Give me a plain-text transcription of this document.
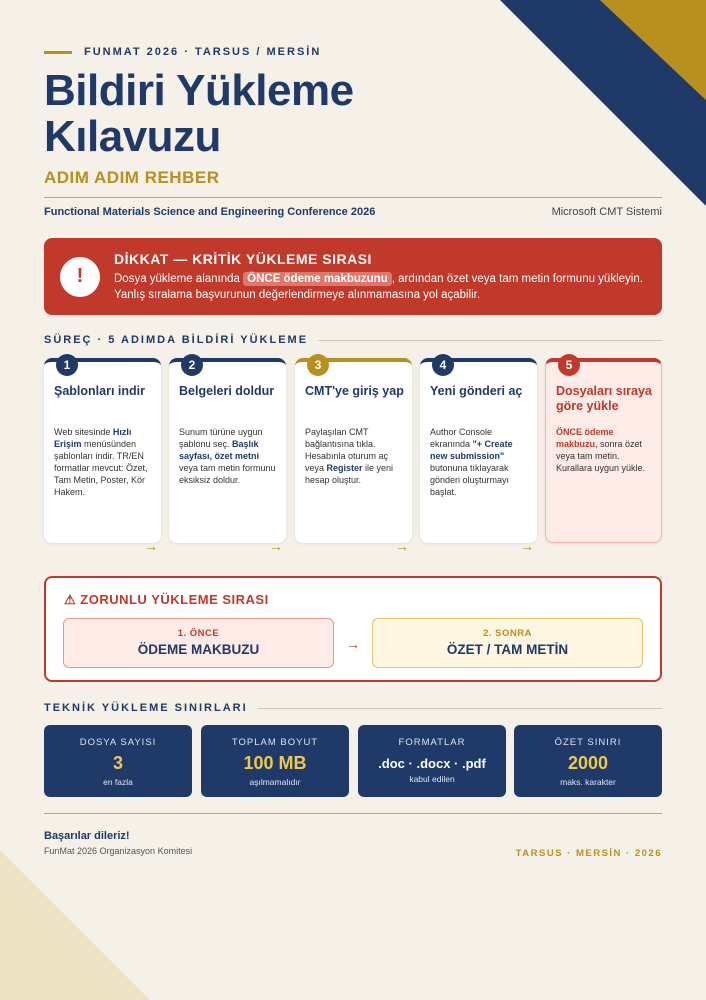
FUNMAT 2026 · TARSUS / MERSİN
Bildiri Yükleme
Kılavuzu
ADIM ADIM REHBER
Functional Materials Science and Engineering Conference 2026	Microsoft CMT Sistemi
!
DİKKAT — KRİTİK YÜKLEME SIRASI

Dosya yükleme alanında ÖNCE ödeme makbuzunu , ardından özet veya tam metin formunu yükleyin.
Yanlış sıralama başvurunun değerlendirmeye alınmamasına yol açabilir.

SÜREÇ · 5 ADIMDA BİLDİRİ YÜKLEME
1
Şablonları indir
Web sitesinde Hızlı Erişim menüsünden şablonları indir. TR/EN formatlar mevcut: Özet, Tam Metin, Poster, Kör Hakem.
→
2
Belgeleri doldur
Sunum türüne uygun şablonu seç. Başlık sayfası, özet metni veya tam metin formunu eksiksiz doldur.
→
3
CMT'ye giriş yap
Paylaşılan CMT bağlantısına tıkla. Hesabınla oturum aç veya Register ile yeni hesap oluştur.
→
4
Yeni gönderi aç
Author Console ekranında "+ Create new submission" butonuna tıklayarak gönderi oluşturmayı başlat.
→
5
Dosyaları sıraya göre yükle
ÖNCE ödeme makbuzu, sonra özet veya tam metin. Kurallara uygun yükle.
⚠ ZORUNLU YÜKLEME SIRASI
1. ÖNCE
ÖDEME MAKBUZU	→
2. SONRA
ÖZET / TAM METİN
TEKNİK YÜKLEME SINIRLARI
DOSYA SAYISI
3
en fazla
TOPLAM BOYUT
100 MB
aşılmamalıdır
FORMATLAR
.doc · .docx · .pdf
kabul edilen
ÖZET SINIRI
2000
maks. karakter
Başarılar dileriz!
FunMat 2026 Organizasyon Komitesi	TARSUS · MERSİN · 2026
